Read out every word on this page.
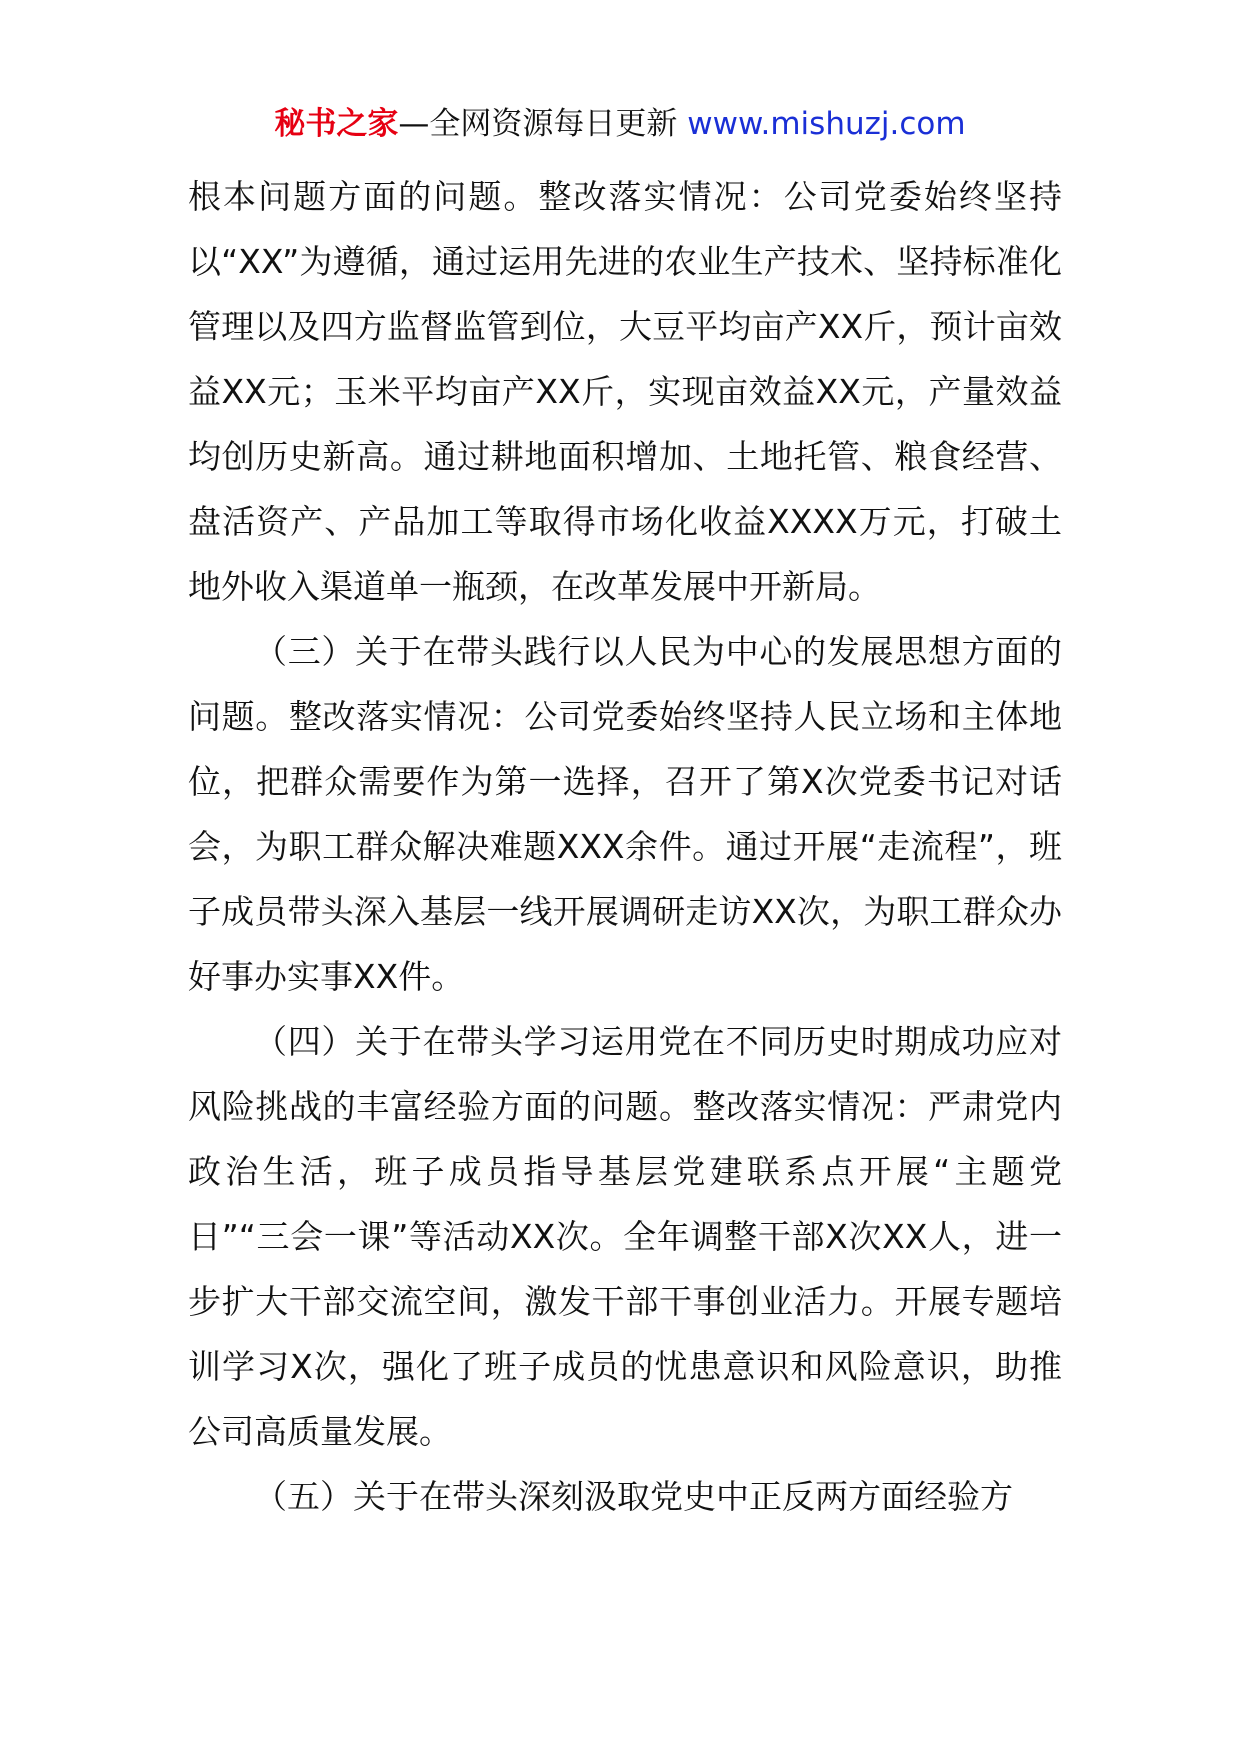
秘书之家—全网资源每日更新 www.mishuzj.com

根本问题方面的问题。整改落实情况：公司党委始终坚持以“XX”为遵循，通过运用先进的农业生产技术、坚持标准化管理以及四方监督监管到位，大豆平均亩产XX斤，预计亩效益XX元；玉米平均亩产XX斤，实现亩效益XX元，产量效益均创历史新高。通过耕地面积增加、土地托管、粮食经营、盘活资产、产品加工等取得市场化收益XXXX万元，打破土地外收入渠道单一瓶颈，在改革发展中开新局。

（三）关于在带头践行以人民为中心的发展思想方面的问题。整改落实情况：公司党委始终坚持人民立场和主体地位，把群众需要作为第一选择，召开了第X次党委书记对话会，为职工群众解决难题XXX余件。通过开展“走流程”，班子成员带头深入基层一线开展调研走访XX次，为职工群众办好事办实事XX件。

（四）关于在带头学习运用党在不同历史时期成功应对风险挑战的丰富经验方面的问题。整改落实情况：严肃党内政治生活，班子成员指导基层党建联系点开展“主题党日”“三会一课”等活动XX次。全年调整干部X次XX人，进一步扩大干部交流空间，激发干部干事创业活力。开展专题培训学习X次，强化了班子成员的忧患意识和风险意识，助推公司高质量发展。

（五）关于在带头深刻汲取党史中正反两方面经验方
